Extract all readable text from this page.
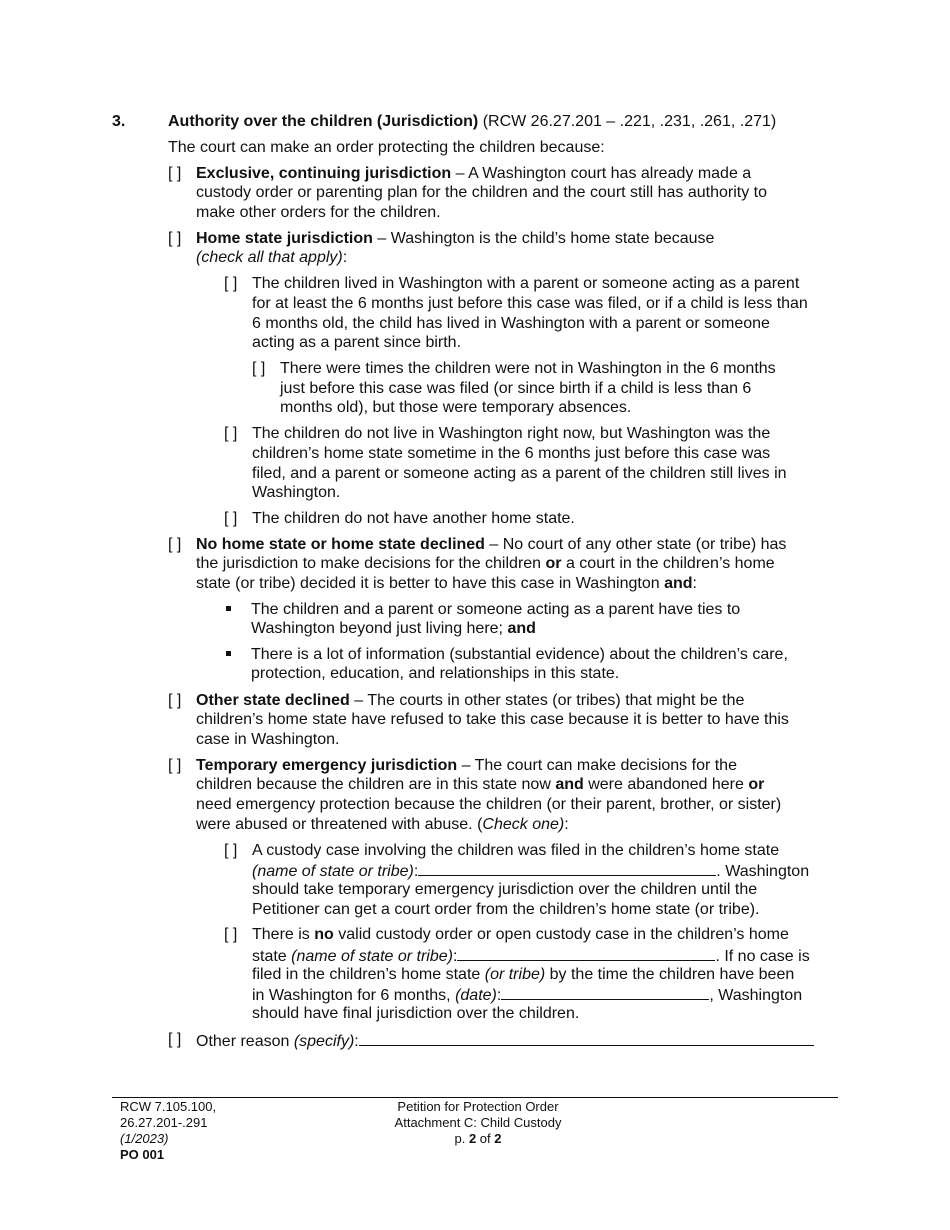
3.	Authority over the children (Jurisdiction) (RCW 26.27.201 – .221, .231, .261, .271)
The court can make an order protecting the children because:
[ ] Exclusive, continuing jurisdiction – A Washington court has already made a
custody order or parenting plan for the children and the court still has authority to
make other orders for the children.
[ ] Home state jurisdiction – Washington is the child’s home state because
(check all that apply):
[ ] The children lived in Washington with a parent or someone acting as a parent
for at least the 6 months just before this case was filed, or if a child is less than
6 months old, the child has lived in Washington with a parent or someone
acting as a parent since birth.
[ ] There were times the children were not in Washington in the 6 months
just before this case was filed (or since birth if a child is less than 6
months old), but those were temporary absences.
[ ] The children do not live in Washington right now, but Washington was the
children’s home state sometime in the 6 months just before this case was
filed, and a parent or someone acting as a parent of the children still lives in
Washington.
[ ] The children do not have another home state.
[ ] No home state or home state declined – No court of any other state (or tribe) has
the jurisdiction to make decisions for the children or a court in the children’s home
state (or tribe) decided it is better to have this case in Washington and:
The children and a parent or someone acting as a parent have ties to
Washington beyond just living here; and
There is a lot of information (substantial evidence) about the children’s care,
protection, education, and relationships in this state.
[ ] Other state declined – The courts in other states (or tribes) that might be the
children’s home state have refused to take this case because it is better to have this
case in Washington.
[ ] Temporary emergency jurisdiction – The court can make decisions for the
children because the children are in this state now and were abandoned here or
need emergency protection because the children (or their parent, brother, or sister)
were abused or threatened with abuse. (Check one):
[ ] A custody case involving the children was filed in the children’s home state
(name of state or tribe):	. Washington
should take temporary emergency jurisdiction over the children until the
Petitioner can get a court order from the children’s home state (or tribe).
[ ] There is no valid custody order or open custody case in the children’s home
state (name of state or tribe):	. If no case is
filed in the children’s home state (or tribe) by the time the children have been
in Washington for 6 months, (date):	, Washington
should have final jurisdiction over the children.
[ ] Other reason (specify):
RCW 7.105.100,
26.27.201-.291
(1/2023)
PO 001
Petition for Protection Order
Attachment C: Child Custody
p. 2 of 2
